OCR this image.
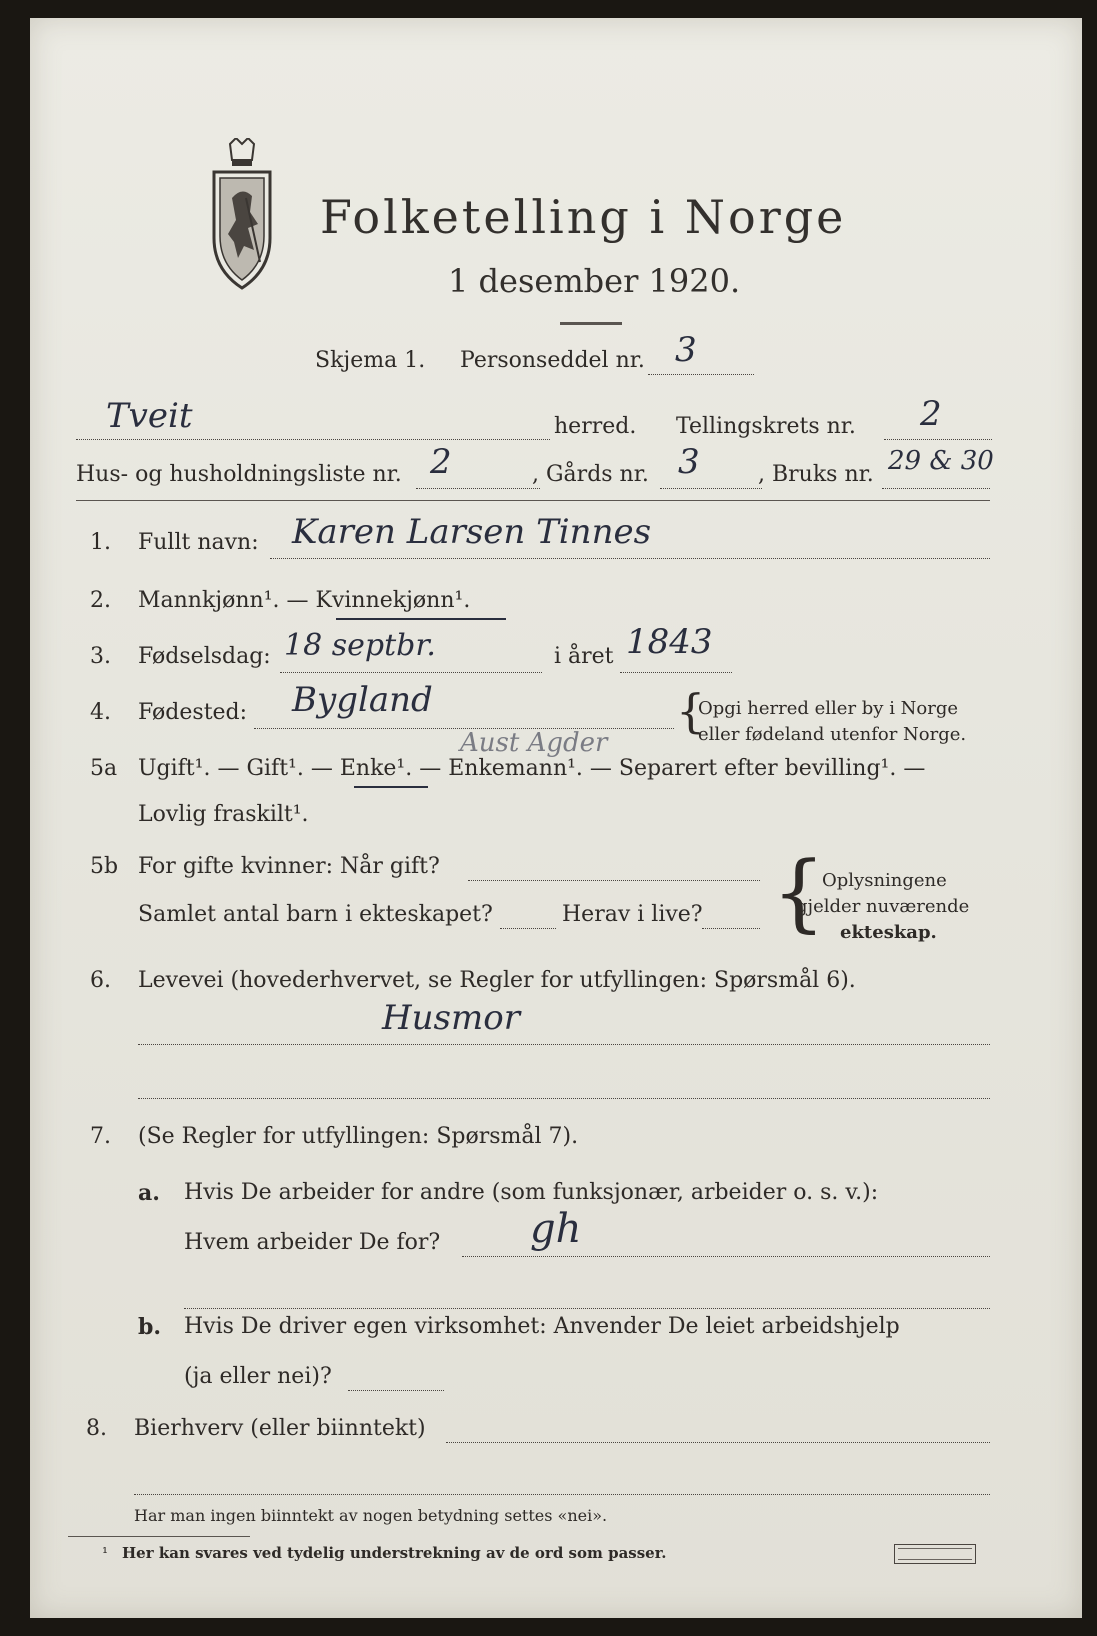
Folketelling i Norge
1 desember 1920.
Skjema 1. Personseddel nr. 3
Tveit	herred. Tellingskrets nr. 2
Hus- og husholdningsliste nr. 2	, Gårds nr. 3	, Bruks nr. 29 & 30
1. Fullt navn: Karen Larsen Tinnes
2. Mannkjønn¹. — Kvinnekjønn¹.
3. Fødselsdag: 18 septbr.	i året 1843
4. Fødested: Bygland
Aust Agder
{
Opgi herred eller by i Norge
eller fødeland utenfor Norge.
5a Ugift¹. — Gift¹. — Enke¹. — Enkemann¹. — Separert efter bevilling¹. —
Lovlig fraskilt¹.
5b For gifte kvinner: Når gift?
Samlet antal barn i ekteskapet?	Herav i live? {
Oplysningene
gjelder nuværende
ekteskap.
6. Levevei (hovederhvervet, se Regler for utfyllingen: Spørsmål 6).
Husmor
7. (Se Regler for utfyllingen: Spørsmål 7).
a. Hvis De arbeider for andre (som funksjonær, arbeider o. s. v.):
Hvem arbeider De for? gh
b. Hvis De driver egen virksomhet: Anvender De leiet arbeidshjelp
(ja eller nei)?
8. Bierhverv (eller biinntekt)
Har man ingen biinntekt av nogen betydning settes «nei».
¹ Her kan svares ved tydelig understrekning av de ord som passer.
